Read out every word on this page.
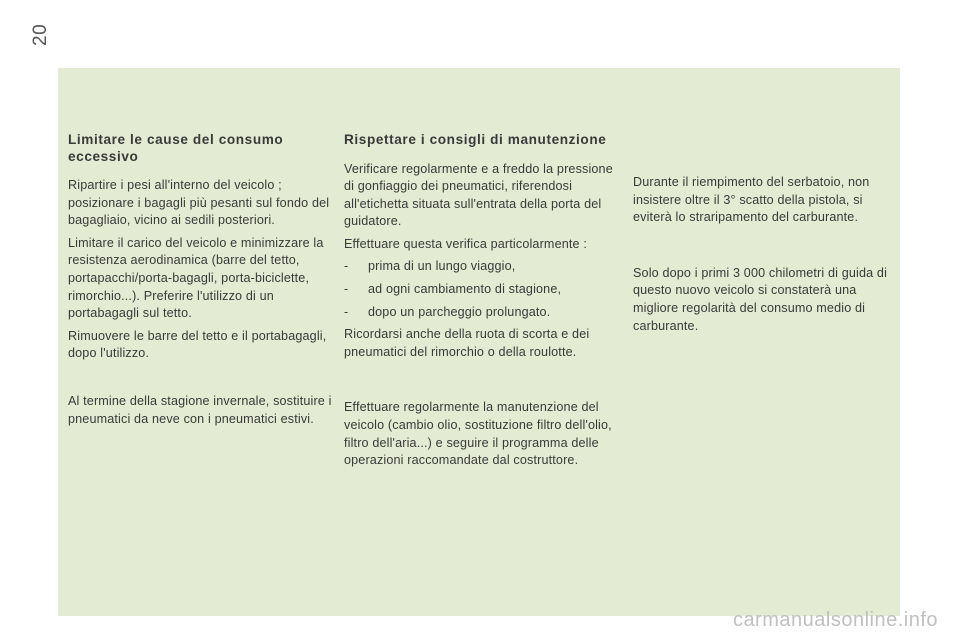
20
Limitare le cause del consumo eccessivo

Ripartire i pesi all'interno del veicolo ; posizionare i bagagli più pesanti sul fondo del bagagliaio, vicino ai sedili posteriori.

Limitare il carico del veicolo e minimizzare la resistenza aerodinamica (barre del tetto, portapacchi/porta-bagagli, porta-biciclette, rimorchio...). Preferire l'utilizzo di un portabagagli sul tetto.

Rimuovere le barre del tetto e il portabagagli, dopo l'utilizzo.

Al termine della stagione invernale, sostituire i pneumatici da neve con i pneumatici estivi.

Rispettare i consigli di manutenzione

Verificare regolarmente e a freddo la pressione di gonfiaggio dei pneumatici, riferendosi all'etichetta situata sull'entrata della porta del guidatore.

Effettuare questa verifica particolarmente :

- prima di un lungo viaggio,
- ad ogni cambiamento di stagione,
- dopo un parcheggio prolungato.

Ricordarsi anche della ruota di scorta e dei pneumatici del rimorchio o della roulotte.

Effettuare regolarmente la manutenzione del veicolo (cambio olio, sostituzione filtro dell'olio, filtro dell'aria...) e seguire il programma delle operazioni raccomandate dal costruttore.

Durante il riempimento del serbatoio, non insistere oltre il 3° scatto della pistola, si eviterà lo straripamento del carburante.

Solo dopo i primi 3 000 chilometri di guida di questo nuovo veicolo si constaterà una migliore regolarità del consumo medio di carburante.

carmanualsonline.info
